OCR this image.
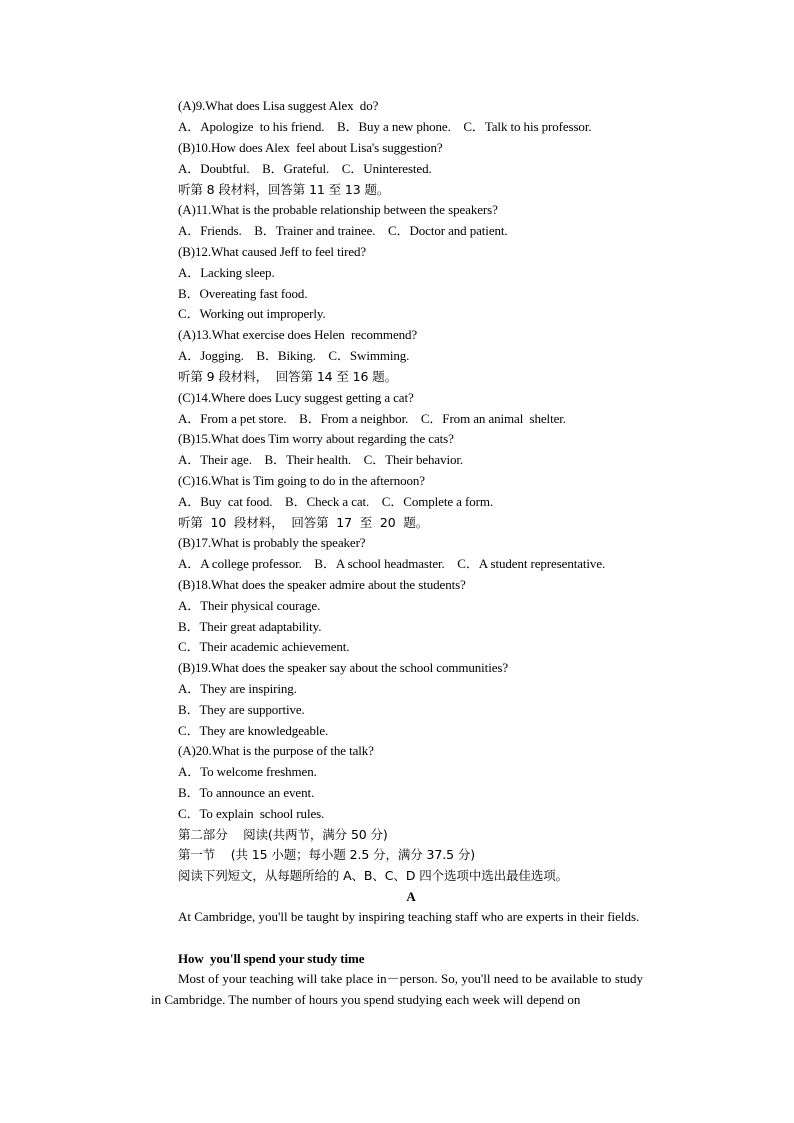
(A)9.What does Lisa suggest Alex  do?
A．Apologize  to his friend.    B．Buy a new phone.    C．Talk to his professor.
(B)10.How does Alex  feel about Lisa's suggestion?
A．Doubtful.    B．Grateful.    C．Uninterested.
听第 8 段材料，回答第 11 至 13 题。
(A)11.What is the probable relationship between the speakers?
A．Friends.    B．Trainer and trainee.    C．Doctor and patient.
(B)12.What caused Jeff to feel tired?
A．Lacking sleep.
B．Overeating fast food.
C．Working out improperly.
(A)13.What exercise does Helen  recommend?
A．Jogging.    B．Biking.    C．Swimming.
听第 9 段材料，  回答第 14 至 16 题。
(C)14.Where does Lucy suggest getting a cat?
A．From a pet store.    B．From a neighbor.    C．From an animal  shelter.
(B)15.What does Tim worry about regarding the cats?
A．Their age.    B．Their health.    C．Their behavior.
(C)16.What is Tim going to do in the afternoon?
A．Buy  cat food.    B．Check a cat.    C．Complete a form.
听第  10  段材料，  回答第  17  至  20  题。
(B)17.What is probably the speaker?
A．A college professor.    B．A school headmaster.    C．A student representative.
(B)18.What does the speaker admire about the students?
A．Their physical courage.
B．Their great adaptability.
C．Their academic achievement.
(B)19.What does the speaker say about the school communities?
A．They are inspiring.
B．They are supportive.
C．They are knowledgeable.
(A)20.What is the purpose of the talk?
A．To welcome freshmen.
B．To announce an event.
C．To explain  school rules.
第二部分    阅读(共两节，满分 50 分)
第一节    (共 15 小题；每小题 2.5 分，满分 37.5 分)
阅读下列短文，从每题所给的 A、B、C、D 四个选项中选出最佳选项。
A
At Cambridge, you'll be taught by inspiring teaching staff who are experts in their fields.
How  you'll spend your study time
Most of your teaching will take place in－person. So, you'll need to be available to study in Cambridge. The number of hours you spend studying each week will depend on
